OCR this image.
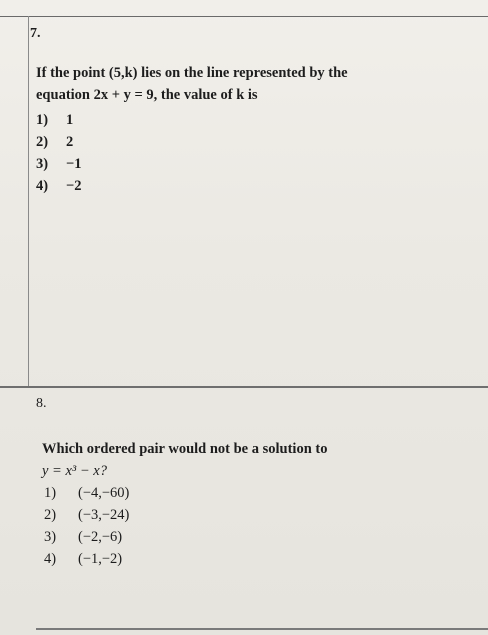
7.
If the point (5,k) lies on the line represented by the
equation 2x + y = 9, the value of k is
1)	1
2)	2
3)	−1
4)	−2
8.
Which ordered pair would not be a solution to
y = x³ − x?
1)	(−4,−60)
2)	(−3,−24)
3)	(−2,−6)
4)	(−1,−2)
